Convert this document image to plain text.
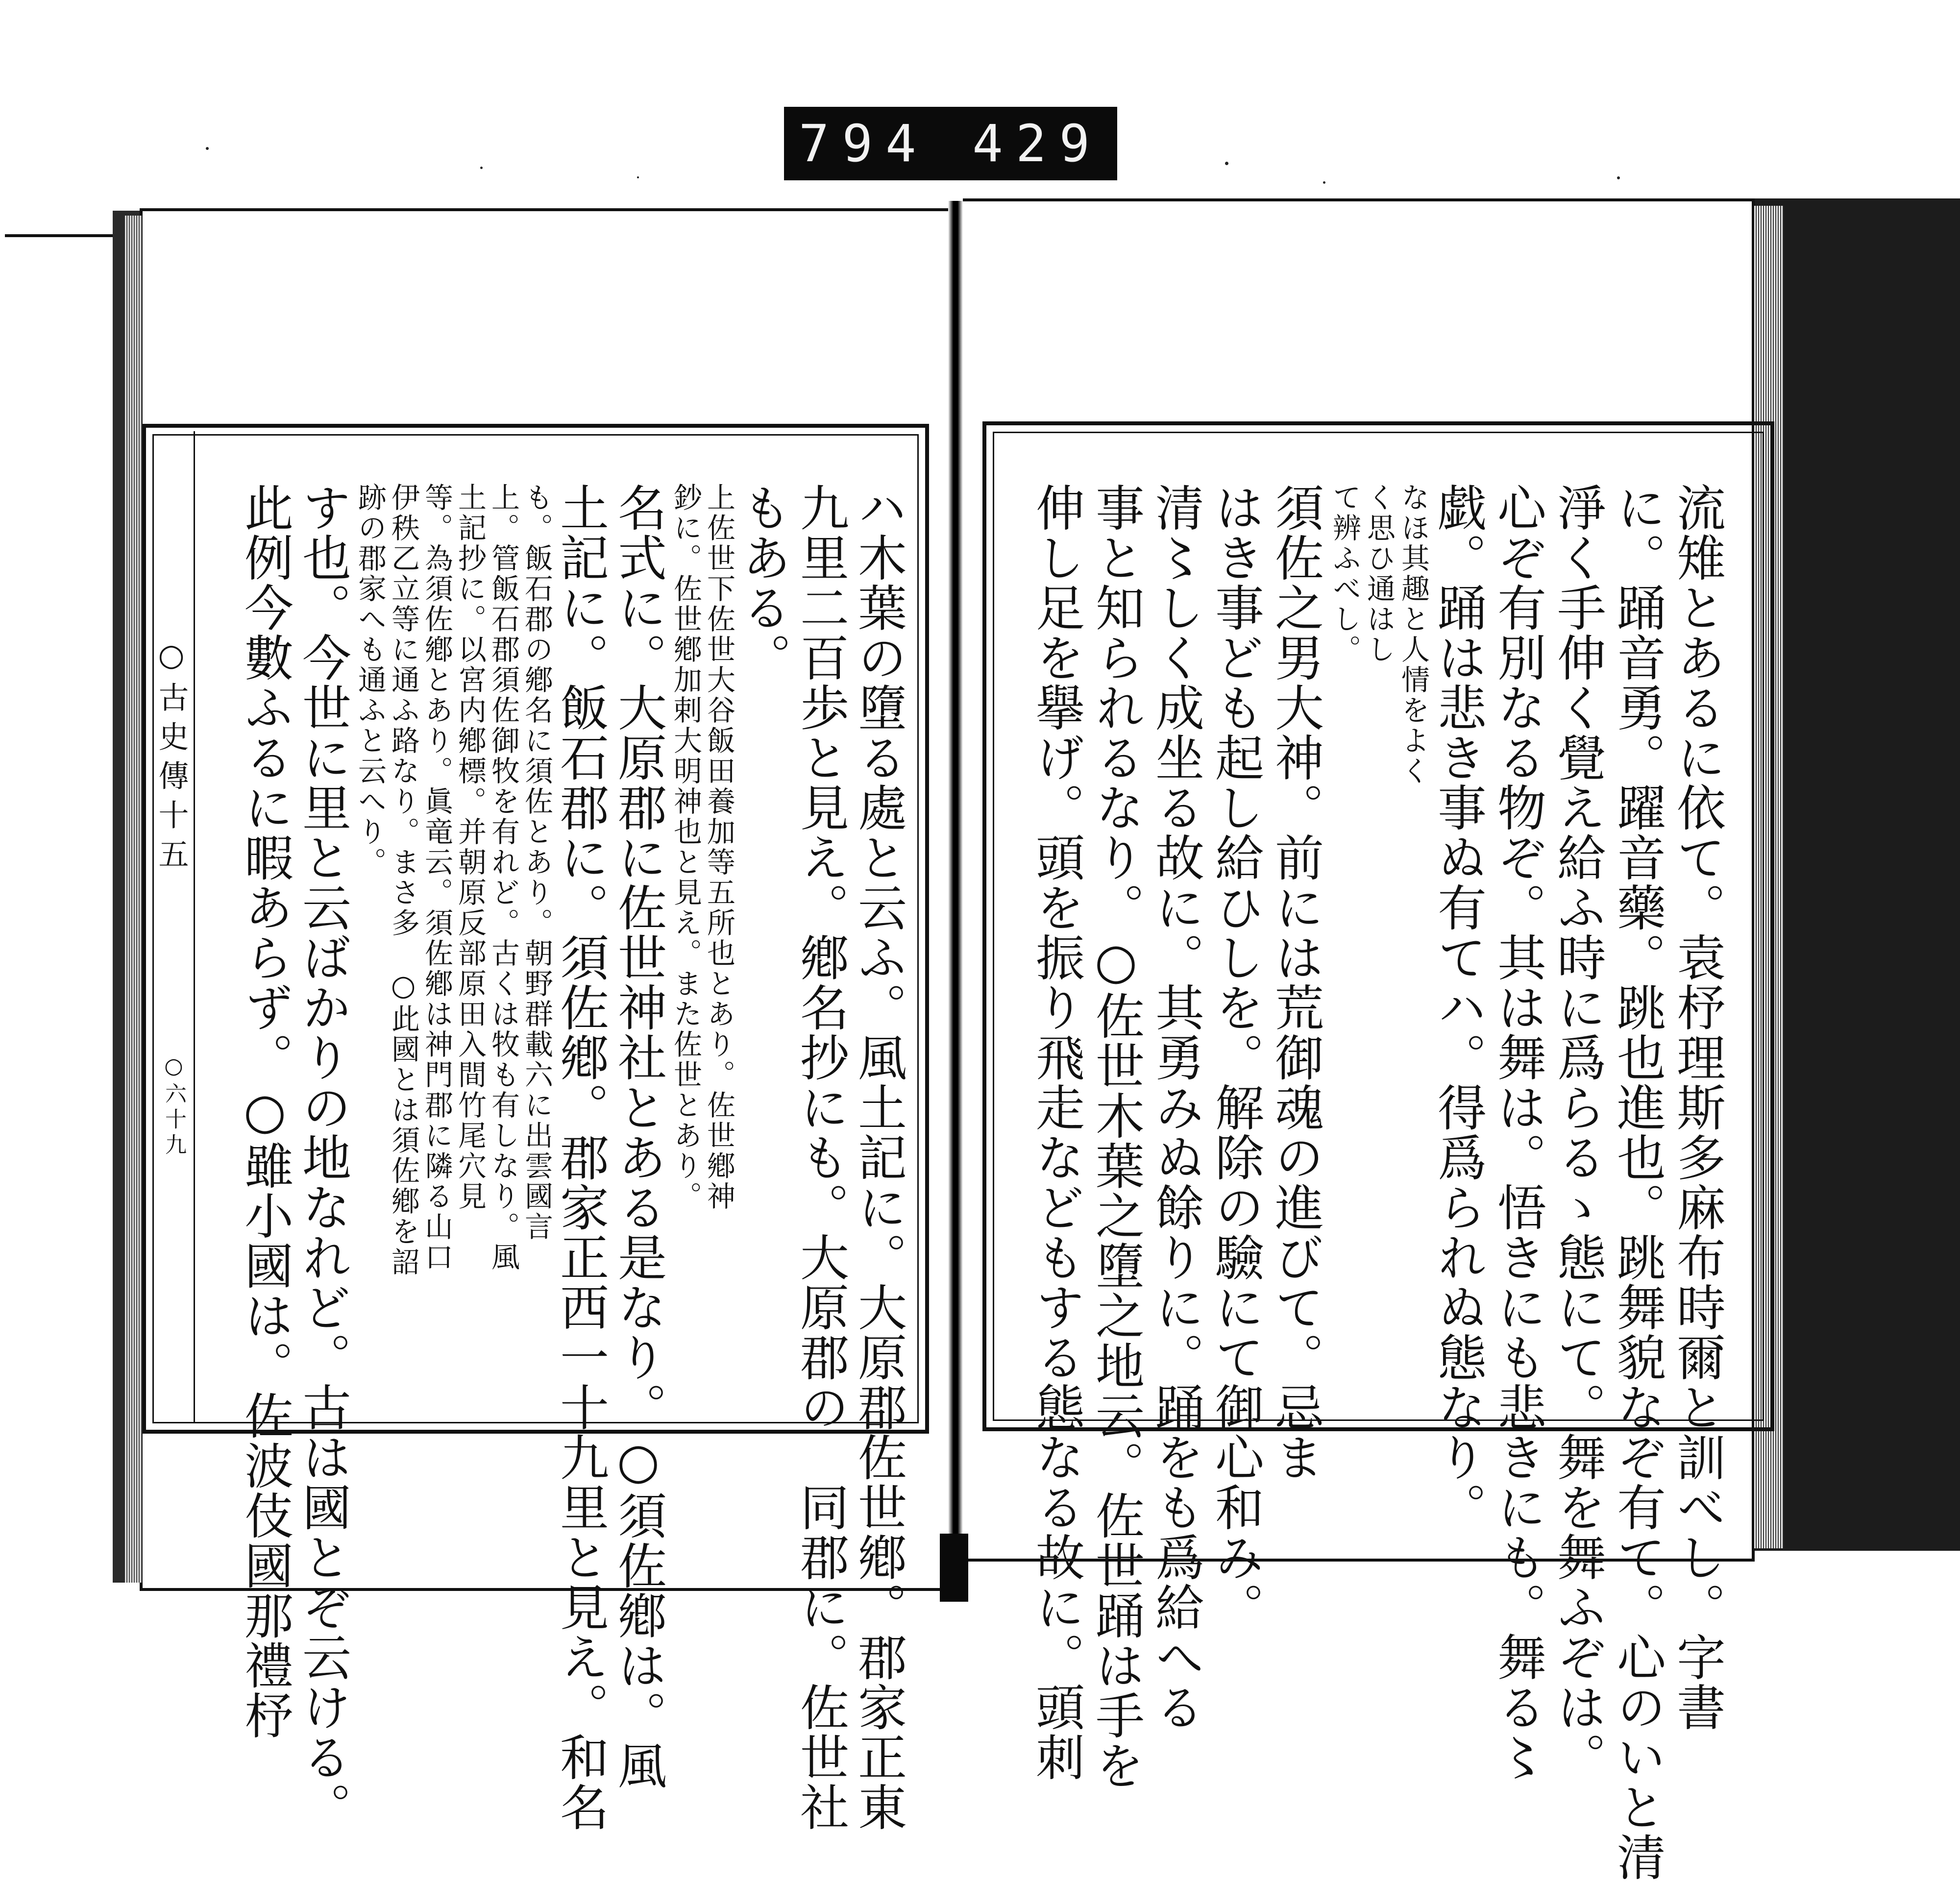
794 429
○古史傳十五
○六十九	ハ木葉の墮る處と云ふ。風土記に。大原郡佐世鄕。郡家正東
九里二百歩と見え。鄕名抄にも。大原郡の　同郡に。佐世社
もある。
上佐世下佐世大谷飯田養加等五所也とあり。佐世鄕神
鈔に。佐世鄕加剌大明神也と見え。また佐世とあり。
名式に。大原郡に佐世神社とある是なり。○須佐鄕は。風
土記に。飯石郡に。須佐鄕。郡家正西一十九里と見え。和名
も。飯石郡の鄕名に須佐とあり。朝野群載六に出雲國言
上。管飯石郡須佐御牧を有れど。古くは牧も有しなり。風
土記抄に。以宮内鄕標。并朝原反部原田入間竹尾穴見
等。為須佐鄕とあり。眞竜云。須佐鄕は神門郡に隣る山口
伊秩乙立等に通ふ路なり。まさ多　○此國とは須佐鄕を詔
跡の郡家へも通ふと云へり。
す也。今世に里と云ばかりの地なれど。古は國とぞ云ける。
此例今數ふるに暇あらず。○雖小國は。佐波伎國那禮杼	流雉とあるに依て。袁杼理斯多麻布時爾と訓べし。字書
に。踊音勇。躍音藥。跳也進也。跳舞貌なぞ有て。心のいと清
淨く手伸く覺え給ふ時に爲らるゝ態にて。舞を舞ふぞは。
心ぞ有別なる物ぞ。其は舞は。悟きにも悲きにも。舞る〻
戯。踊は悲き事ぬ有てハ。得爲られぬ態なり。
なほ其趣と人情をよく
く思ひ通はし
て辨ふべし。
須佐之男大神。前には荒御魂の進びて。忌ま
はき事ども起し給ひしを。解除の驗にて御心和み。
清〻しく成坐る故に。其勇みぬ餘りに。踊をも爲給へる
事と知られるなり。○佐世木葉之墮之地云。佐世踊は手を
伸し足を擧げ。頭を振り飛走などもする態なる故に。頭刺
